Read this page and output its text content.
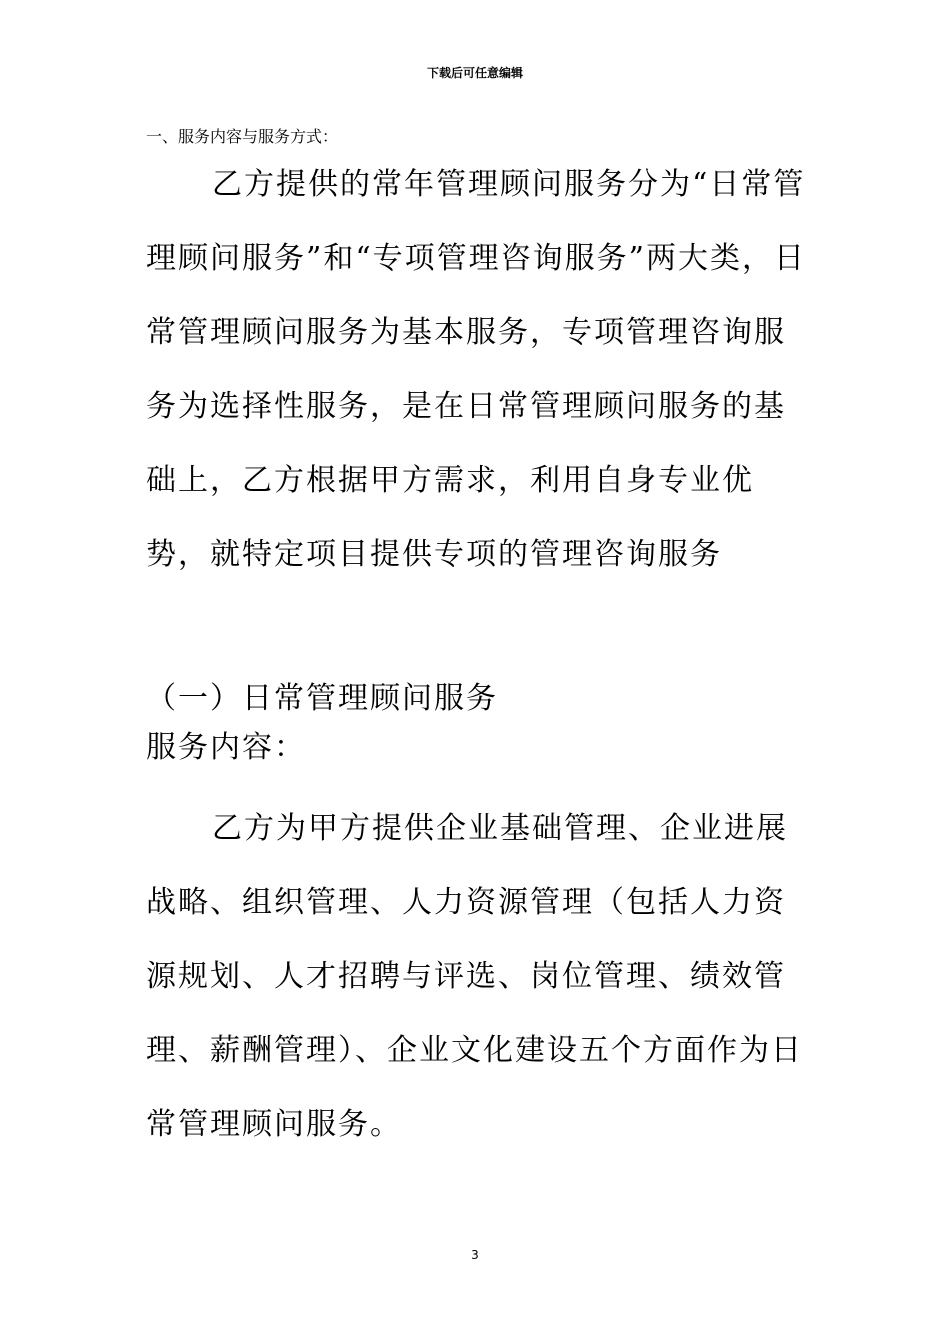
下载后可任意编辑
一、服务内容与服务方式：

乙方提供的常年管理顾问服务分为“日常管理顾问服务”和“专项管理咨询服务”两大类，日常管理顾问服务为基本服务，专项管理咨询服务为选择性服务，是在日常管理顾问服务的基础上，乙方根据甲方需求，利用自身专业优势，就特定项目提供专项的管理咨询服务

（一）日常管理顾问服务
服务内容：

乙方为甲方提供企业基础管理、企业进展战略、组织管理、人力资源管理（包括人力资源规划、人才招聘与评选、岗位管理、绩效管理、薪酬管理）、企业文化建设五个方面作为日常管理顾问服务。

3
